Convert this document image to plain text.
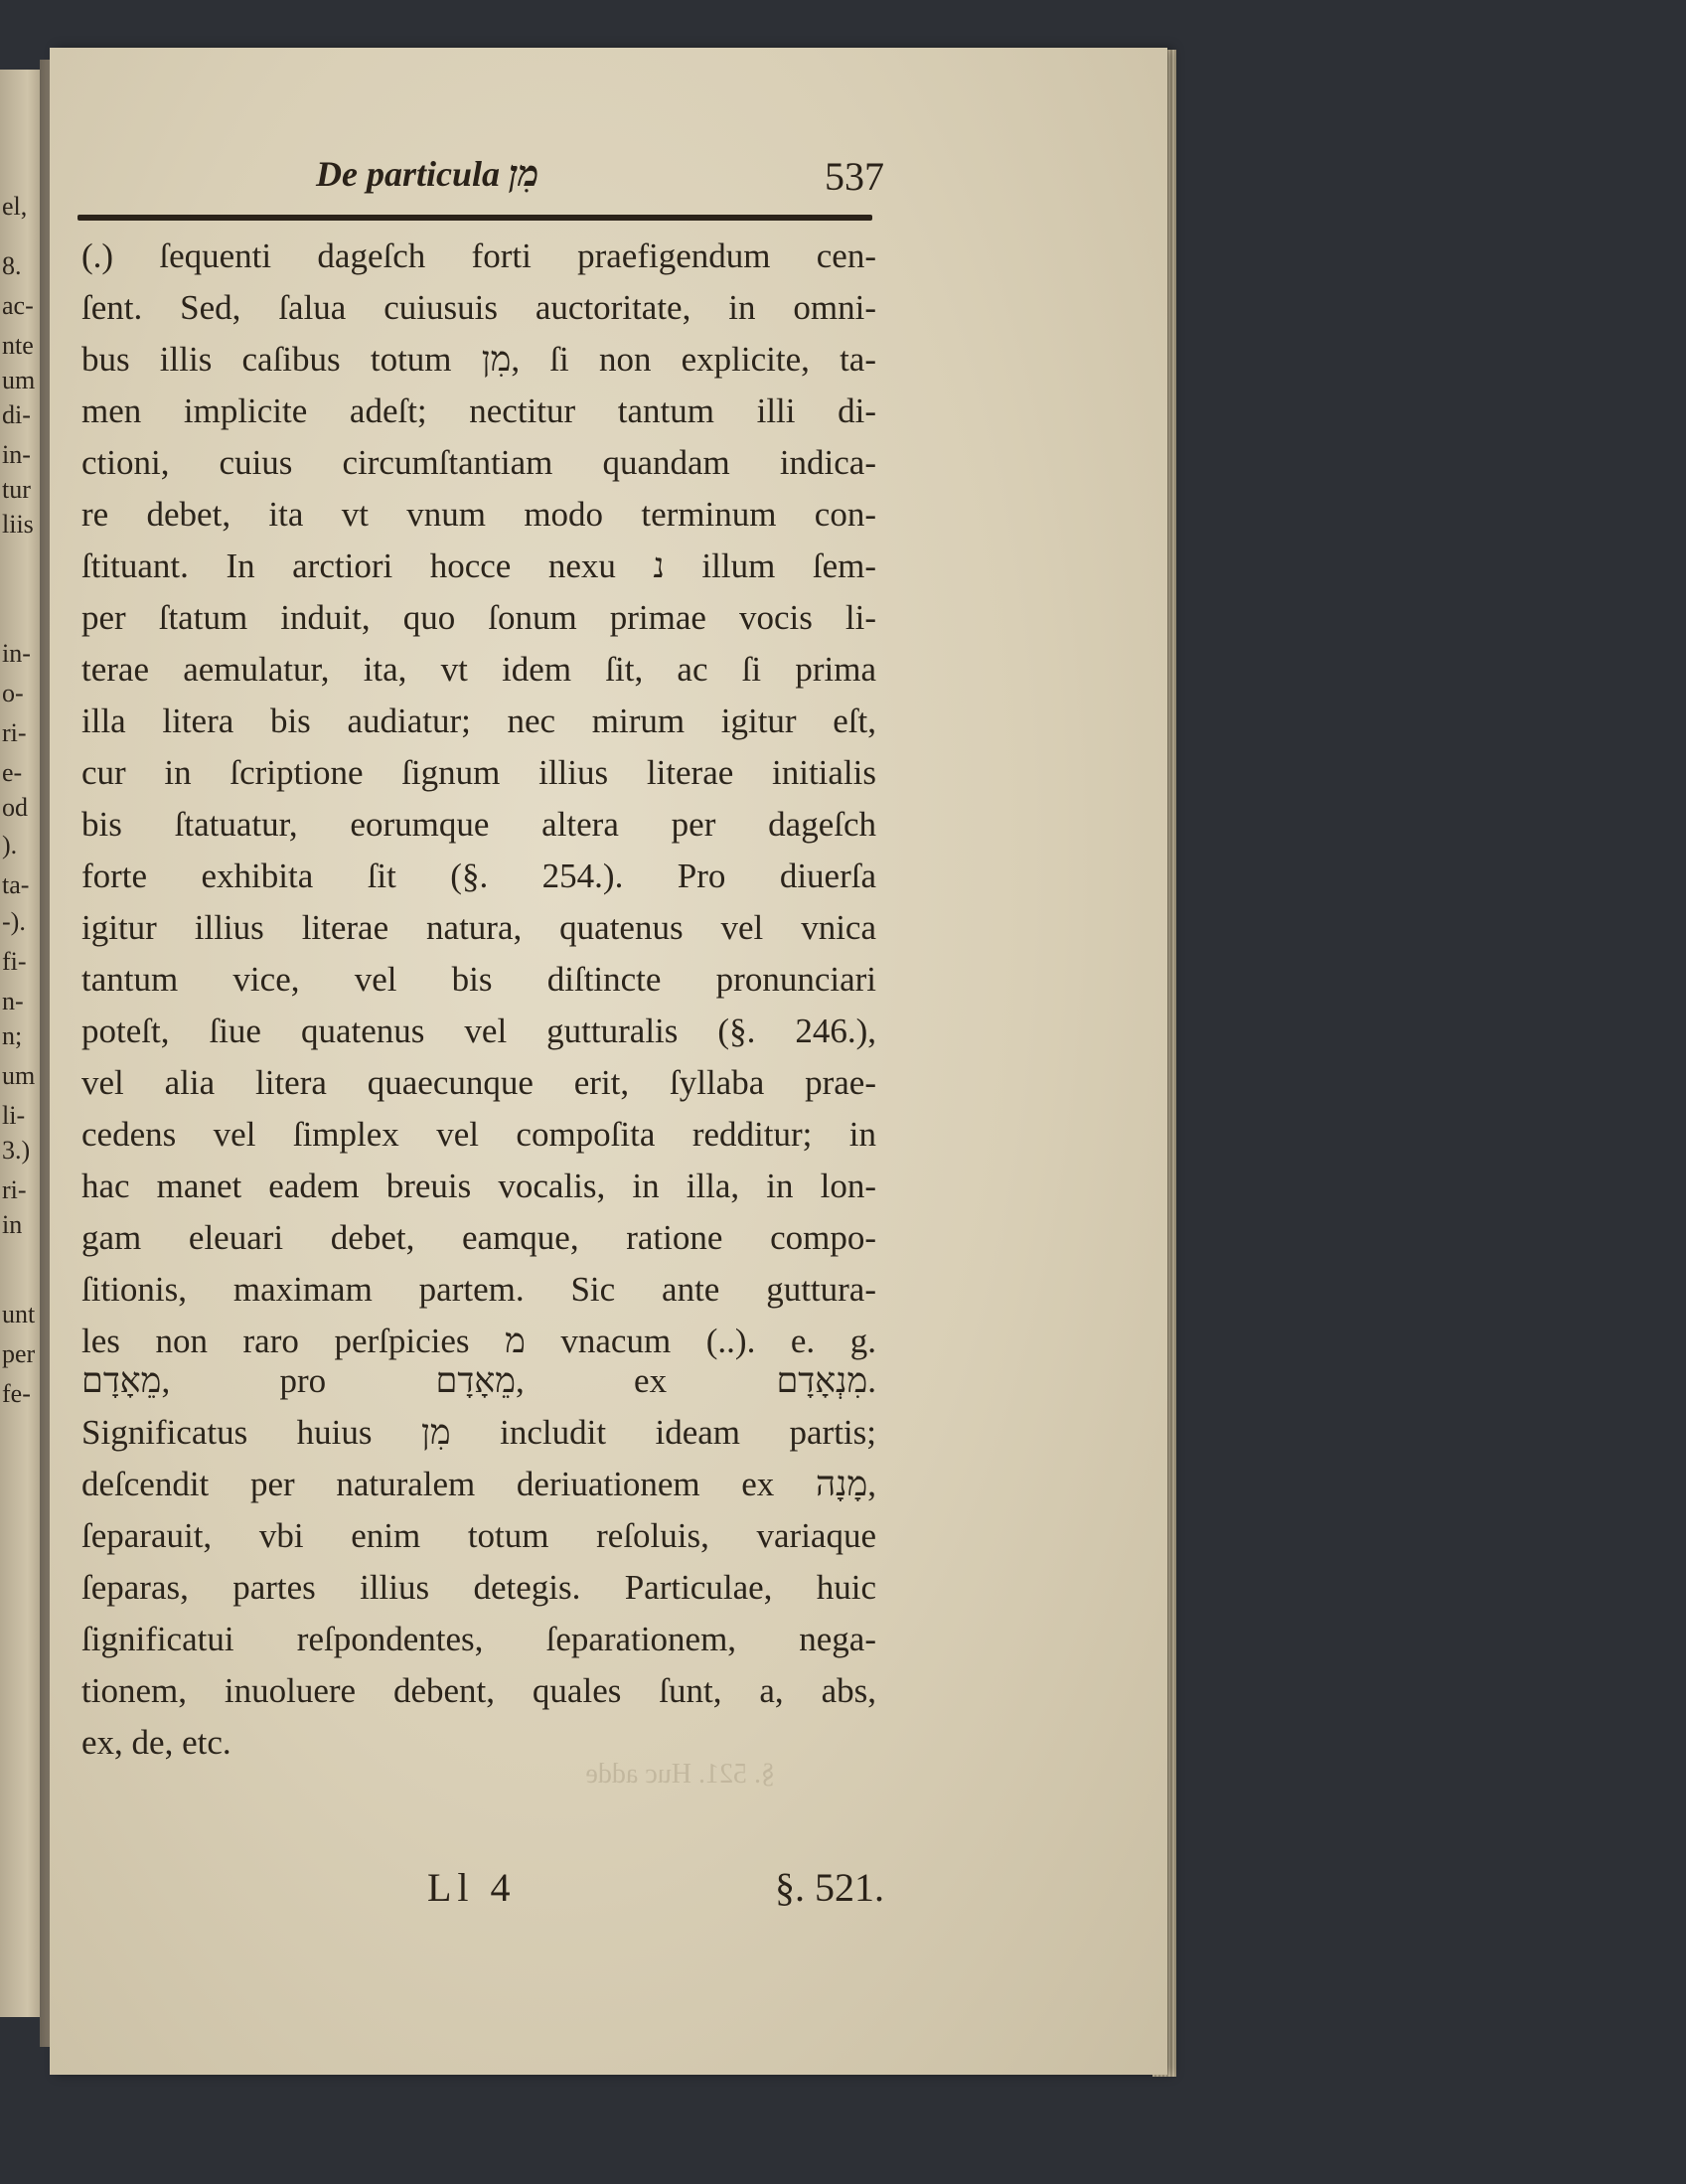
el,
8.
ac-
nte
um
di-
in-
tur
liis
in-
o-
ri-
e-
od
).
ta-
-).
fi-
n-
n;
um
li-
3.)
ri-
in
unt
per
fe-
De particula מִן	537
(.) ſequenti dageſch forti praefigendum cen-
ſent. Sed, ſalua cuiusuis auctoritate, in omni-
bus illis caſibus totum מִן, ſi non explicite, ta-
men implicite adeſt; nectitur tantum illi di-
ctioni, cuius circumſtantiam quandam indica-
re debet, ita vt vnum modo terminum con-
ſtituant. In arctiori hocce nexu נ illum ſem-
per ſtatum induit, quo ſonum primae vocis li-
terae aemulatur, ita, vt idem ſit, ac ſi prima
illa litera bis audiatur; nec mirum igitur eſt,
cur in ſcriptione ſignum illius literae initialis
bis ſtatuatur, eorumque altera per dageſch
forte exhibita ſit (§. 254.). Pro diuerſa
igitur illius literae natura, quatenus vel vnica
tantum vice, vel bis diſtincte pronunciari
poteſt, ſiue quatenus vel gutturalis (§. 246.),
vel alia litera quaecunque erit, ſyllaba prae-
cedens vel ſimplex vel compoſita redditur; in
hac manet eadem breuis vocalis, in illa, in lon-
gam eleuari debet, eamque, ratione compo-
ſitionis, maximam partem. Sic ante guttura-
les non raro perſpicies מ vnacum (..). e. g.
מֵאָדָם, pro מֵאָדָם, ex מִנְאָדָם.
Significatus huius מִן includit ideam partis;
deſcendit per naturalem deriuationem ex מָנָה,
ſeparauit, vbi enim totum reſoluis, variaque
ſeparas, partes illius detegis. Particulae, huic
ſignificatui reſpondentes, ſeparationem, nega-
tionem, inuoluere debent, quales ſunt, a, abs,
ex, de, etc.
§. 521. Huc adde
Ll 4	§. 521.
